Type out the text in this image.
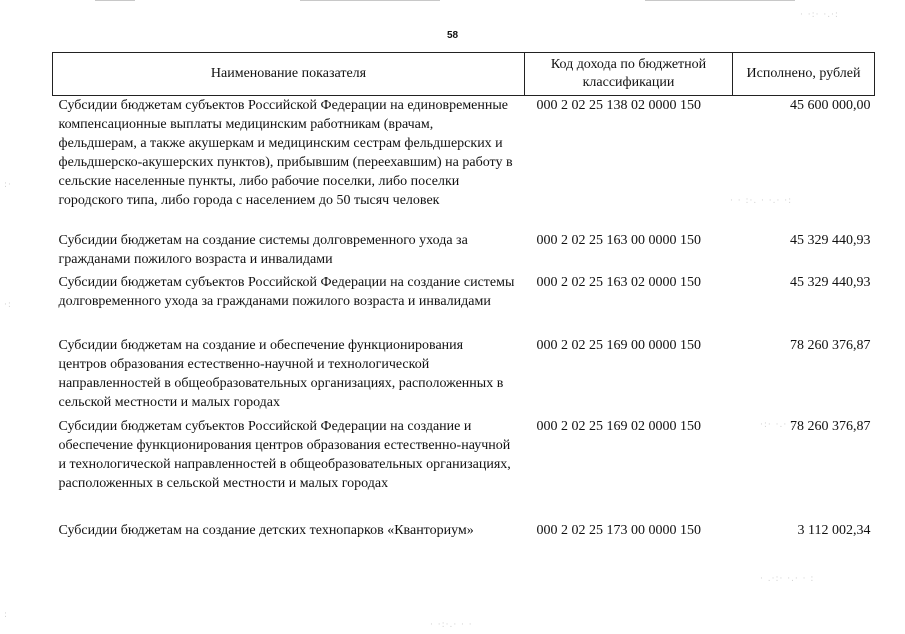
· ·:· ·.·:
:·
·:
· · :·. · ·.· ·:
·:· ·.· :
· .·:· ·.· · :
:
· ·:·.· · ·
58
Наименование показателя	Код дохода по бюджетной классификации	Исполнено, рублей
Субсидии бюджетам субъектов Российской Федерации на единовременные компенсационные выплаты медицинским работникам (врачам, фельдшерам, а также акушеркам и медицинским сестрам фельдшерских и фельдшерско-акушерских пунктов), прибывшим (переехавшим) на работу в сельские населенные пункты, либо рабочие поселки, либо поселки городского типа, либо города с населением до 50 тысяч человек	000 2 02 25 138 02 0000 150	45 600 000,00
Субсидии бюджетам на создание системы долговременного ухода за гражданами пожилого возраста и инвалидами	000 2 02 25 163 00 0000 150	45 329 440,93
Субсидии бюджетам субъектов Российской Федерации на создание системы долговременного ухода за гражданами пожилого возраста и инвалидами	000 2 02 25 163 02 0000 150	45 329 440,93
Субсидии бюджетам на создание и обеспечение функционирования центров образования естественно-научной и технологической направленностей в общеобразовательных организациях, расположенных в сельской местности и малых городах	000 2 02 25 169 00 0000 150	78 260 376,87
Субсидии бюджетам субъектов Российской Федерации на создание и обеспечение функционирования центров образования естественно-научной и технологической направленностей в общеобразовательных организациях, расположенных в сельской местности и малых городах	000 2 02 25 169 02 0000 150	78 260 376,87
Субсидии бюджетам на создание детских технопарков «Кванториум»	000 2 02 25 173 00 0000 150	3 112 002,34
